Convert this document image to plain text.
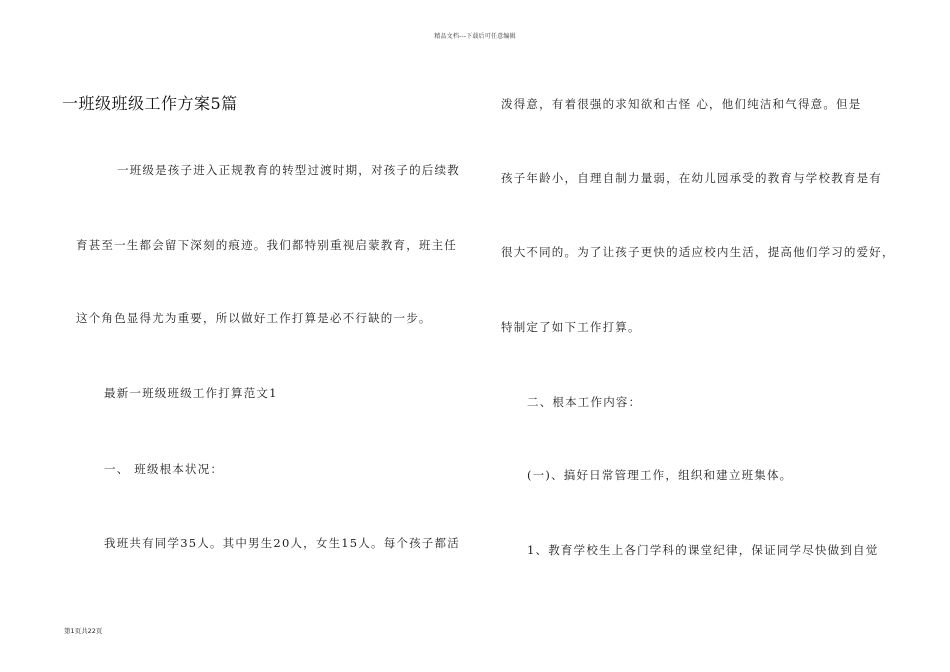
精品文档---下载后可任意编辑
一班级班级工作方案5篇
一班级是孩子进入正规教育的转型过渡时期，对孩子的后续教
育甚至一生都会留下深刻的痕迹。我们都特别重视启蒙教育，班主任
这个角色显得尤为重要，所以做好工作打算是必不行缺的一步。
最新一班级班级工作打算范文1
一、 班级根本状况：
我班共有同学35人。其中男生20人，女生15人。每个孩子都活
泼得意，有着很强的求知欲和古怪 心，他们纯洁和气得意。但是
孩子年龄小，自理自制力量弱，在幼儿园承受的教育与学校教育是有
很大不同的。为了让孩子更快的适应校内生活，提高他们学习的爱好，
特制定了如下工作打算。
二、根本工作内容：
(一)、搞好日常管理工作，组织和建立班集体。
1、教育学校生上各门学科的课堂纪律，保证同学尽快做到自觉
第1页共22页
